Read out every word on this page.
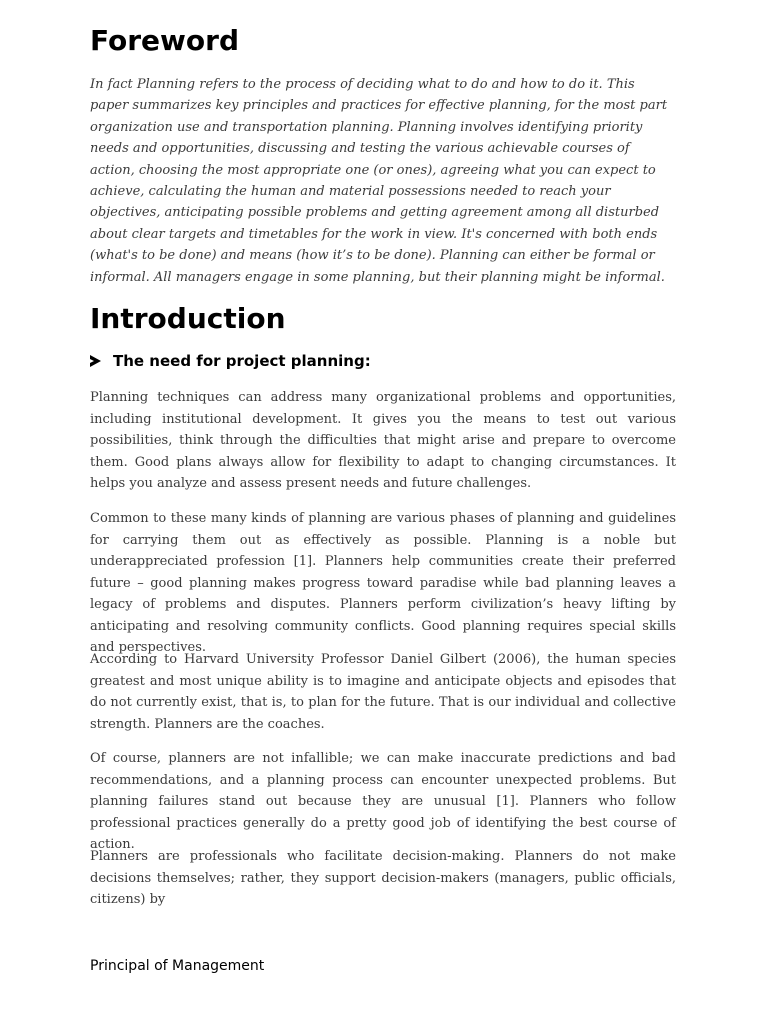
Foreword

In fact Planning refers to the process of deciding what to do and how to do it. This paper summarizes key principles and practices for effective planning, for the most part organization use and transportation planning. Planning involves identifying priority needs and opportunities, discussing and testing the various achievable courses of action, choosing the most appropriate one (or ones), agreeing what you can expect to achieve, calculating the human and material possessions needed to reach your objectives, anticipating possible problems and getting agreement among all disturbed about clear targets and timetables for the work in view. It's concerned with both ends (what's to be done) and means (how it’s to be done). Planning can either be formal or informal. All managers engage in some planning, but their planning might be informal.

Introduction
The need for project planning:

Planning techniques can address many organizational problems and opportunities, including institutional development. It gives you the means to test out various possibilities, think through the difficulties that might arise and prepare to overcome them. Good plans always allow for flexibility to adapt to changing circumstances. It helps you analyze and assess present needs and future challenges.

Common to these many kinds of planning are various phases of planning and guidelines for carrying them out as effectively as possible. Planning is a noble but underappreciated profession [1]. Planners help communities create their preferred future – good planning makes progress toward paradise while bad planning leaves a legacy of problems and disputes. Planners perform civilization’s heavy lifting by anticipating and resolving community conflicts. Good planning requires special skills and perspectives.

According to Harvard University Professor Daniel Gilbert (2006), the human species greatest and most unique ability is to imagine and anticipate objects and episodes that do not currently exist, that is, to plan for the future. That is our individual and collective strength. Planners are the coaches.

Of course, planners are not infallible; we can make inaccurate predictions and bad recommendations, and a planning process can encounter unexpected problems. But planning failures stand out because they are unusual [1]. Planners who follow professional practices generally do a pretty good job of identifying the best course of action.

Planners are professionals who facilitate decision-making. Planners do not make decisions themselves; rather, they support decision-makers (managers, public officials, citizens) by

Principal of Management
